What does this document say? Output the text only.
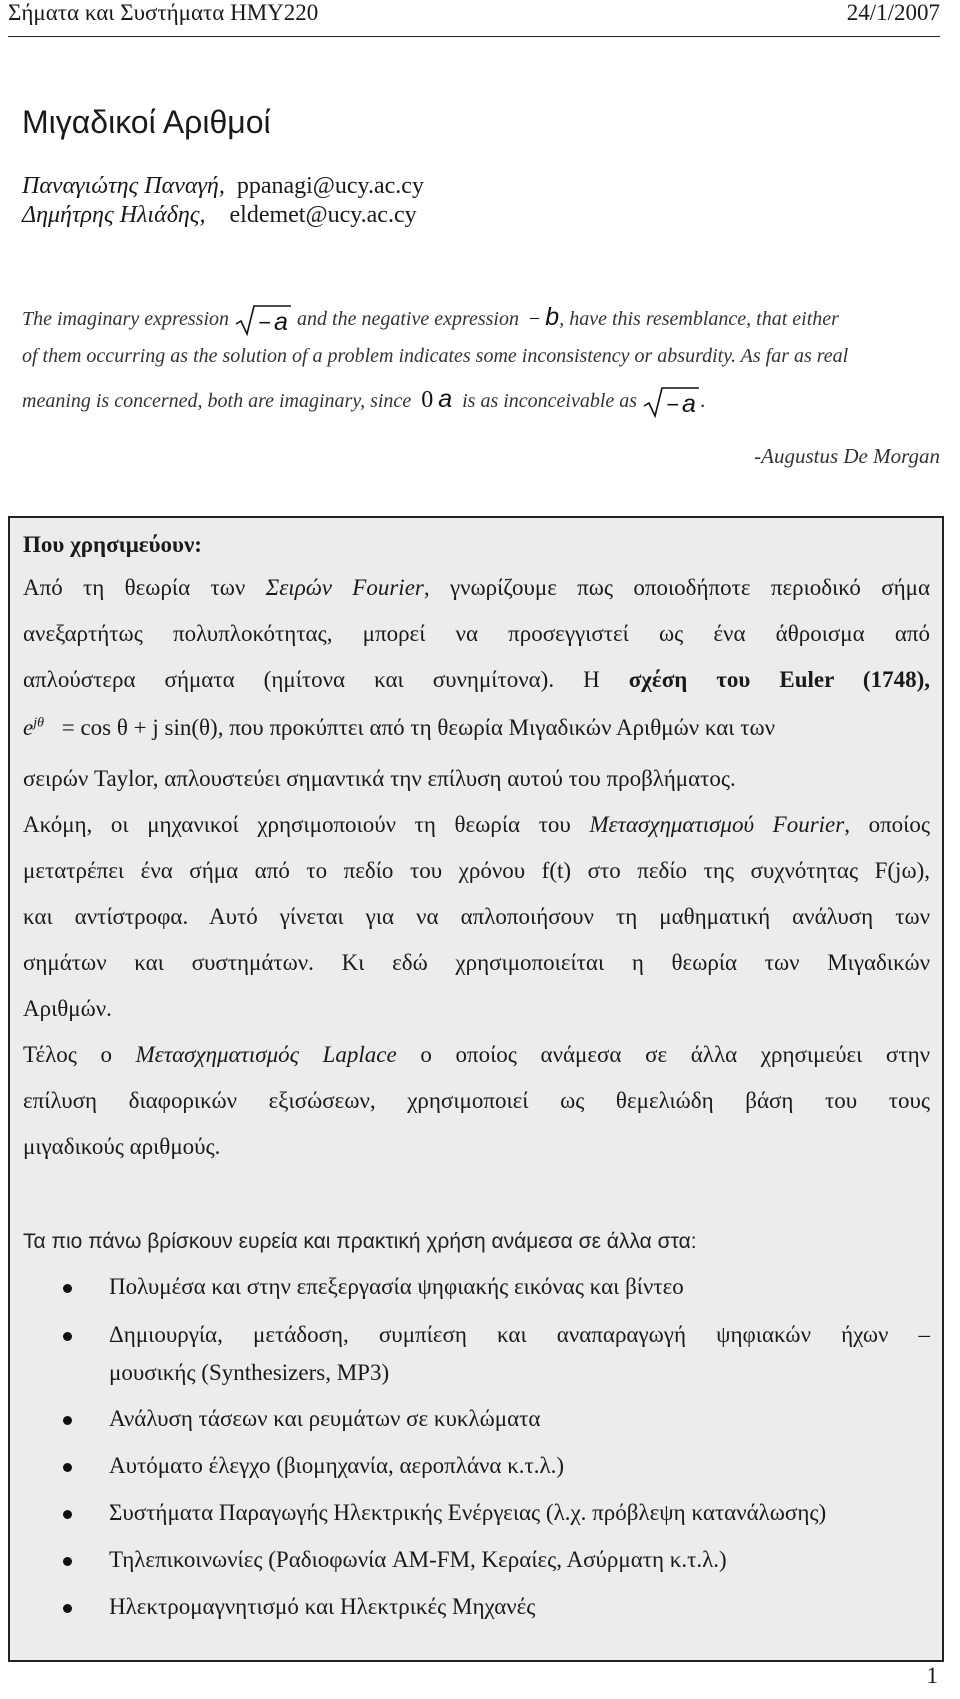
Σήματα και Συστήματα ΗΜΥ220	24/1/2007
Μιγαδικοί Αριθμοί
Παναγιώτης Παναγή, ppanagi@ucy.ac.cy
Δημήτρης Ηλιάδης, eldemet@ucy.ac.cy
The imaginary expression − a and the negative expression − b, have this resemblance, that either
of them occurring as the solution of a problem indicates some inconsistency or absurdity. As far as real
meaning is concerned, both are imaginary, since 0 a is as inconceivable as − a .
-Augustus De Morgan
Που χρησιμεύουν:
Από τη θεωρία των Σειρών Fourier, γνωρίζουμε πως οποιοδήποτε περιοδικό σήμα
ανεξαρτήτως πολυπλοκότητας, μπορεί να προσεγγιστεί ως ένα άθροισμα από
απλούστερα σήματα (ημίτονα και συνημίτονα). Η σχέση του Euler (1748),
$e^{j\theta} = \cos \theta + j$ sin(θ), που προκύπτει από τη θεωρία Μιγαδικών Αριθμών και των
σειρών Taylor, απλουστεύει σημαντικά την επίλυση αυτού του προβλήματος.
Ακόμη, οι μηχανικοί χρησιμοποιούν τη θεωρία του Μετασχηματισμού Fourier, οποίος
μετατρέπει ένα σήμα από το πεδίο του χρόνου f(t) στο πεδίο της συχνότητας F(jω),
και αντίστροφα. Αυτό γίνεται για να απλοποιήσουν τη μαθηματική ανάλυση των
σημάτων και συστημάτων. Κι εδώ χρησιμοποιείται η θεωρία των Μιγαδικών
Αριθμών.
Τέλος ο Μετασχηματισμός Laplace ο οποίος ανάμεσα σε άλλα χρησιμεύει στην
επίλυση διαφορικών εξισώσεων, χρησιμοποιεί ως θεμελιώδη βάση του τους
μιγαδικούς αριθμούς.
Τα πιο πάνω βρίσκουν ευρεία και πρακτική χρήση ανάμεσα σε άλλα στα:
Πολυμέσα και στην επεξεργασία ψηφιακής εικόνας και βίντεο
Δημιουργία, μετάδοση, συμπίεση και αναπαραγωγή ψηφιακών ήχων –
μουσικής (Synthesizers, MP3)
Ανάλυση τάσεων και ρευμάτων σε κυκλώματα
Αυτόματο έλεγχο (βιομηχανία, αεροπλάνα κ.τ.λ.)
Συστήματα Παραγωγής Ηλεκτρικής Ενέργειας (λ.χ. πρόβλεψη κατανάλωσης)
Τηλεπικοινωνίες (Ραδιοφωνία AM-FM, Κεραίες, Ασύρματη κ.τ.λ.)
Ηλεκτρομαγνητισμό και Ηλεκτρικές Μηχανές
1
